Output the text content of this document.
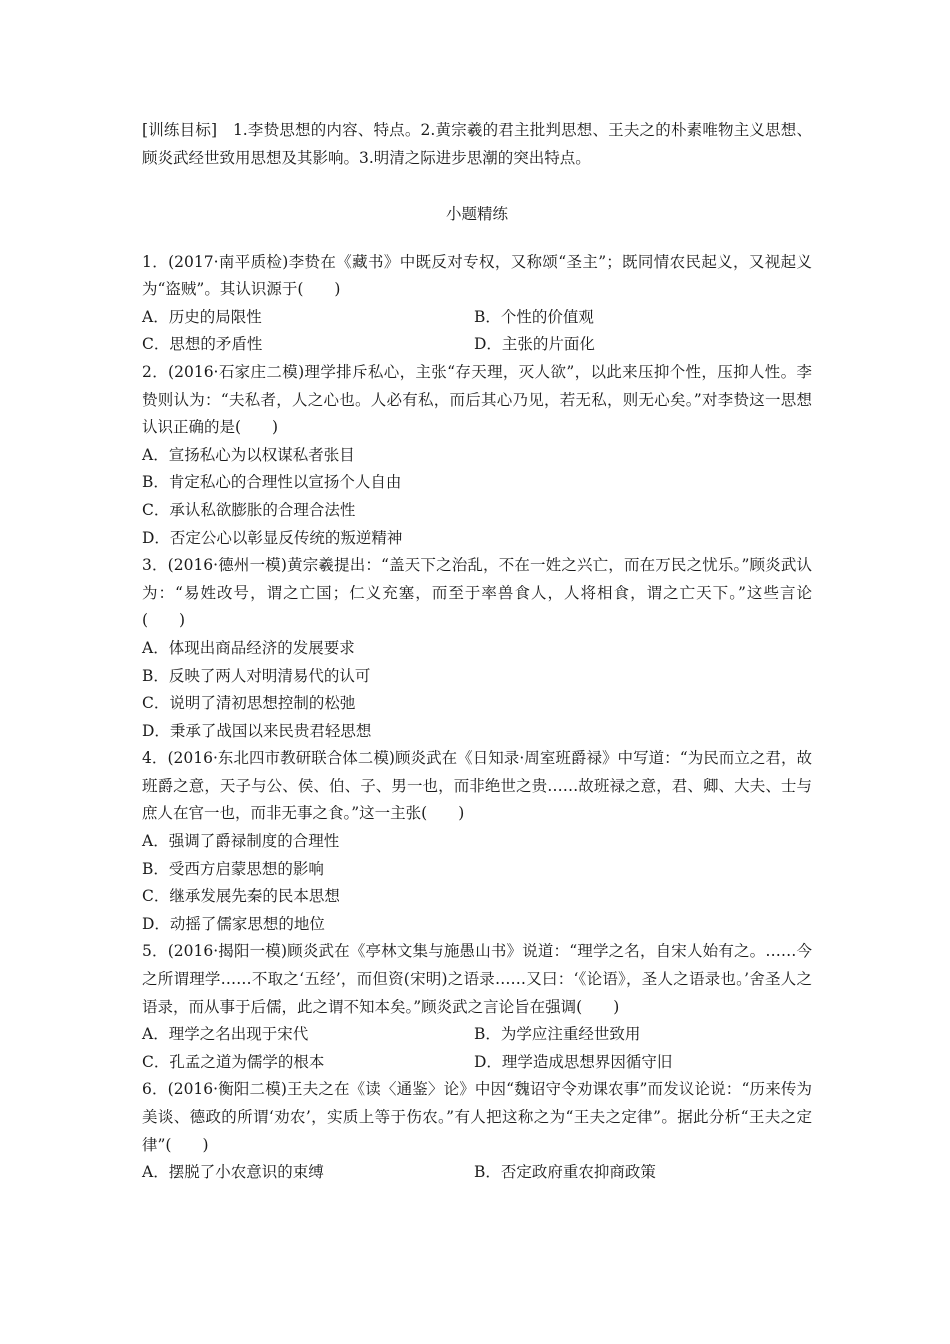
[训练目标]　1.李贽思想的内容、特点。2.黄宗羲的君主批判思想、王夫之的朴素唯物主义思想、顾炎武经世致用思想及其影响。3.明清之际进步思潮的突出特点。

小题精练

1．(2017·南平质检)李贽在《藏书》中既反对专权，又称颂“圣主”；既同情农民起义，又视起义为“盗贼”。其认识源于(　　)

A．历史的局限性	B．个性的价值观

C．思想的矛盾性	D．主张的片面化

2．(2016·石家庄二模)理学排斥私心，主张“存天理，灭人欲”，以此来压抑个性，压抑人性。李贽则认为：“夫私者，人之心也。人必有私，而后其心乃见，若无私，则无心矣。”对李贽这一思想认识正确的是(　　)

A．宣扬私心为以权谋私者张目

B．肯定私心的合理性以宣扬个人自由

C．承认私欲膨胀的合理合法性

D．否定公心以彰显反传统的叛逆精神

3．(2016·德州一模)黄宗羲提出：“盖天下之治乱，不在一姓之兴亡，而在万民之忧乐。”顾炎武认为：“易姓改号，谓之亡国；仁义充塞，而至于率兽食人，人将相食，谓之亡天下。”这些言论(　　)

A．体现出商品经济的发展要求

B．反映了两人对明清易代的认可

C．说明了清初思想控制的松弛

D．秉承了战国以来民贵君轻思想

4．(2016·东北四市教研联合体二模)顾炎武在《日知录·周室班爵禄》中写道：“为民而立之君，故班爵之意，天子与公、侯、伯、子、男一也，而非绝世之贵……故班禄之意，君、卿、大夫、士与庶人在官一也，而非无事之食。”这一主张(　　)

A．强调了爵禄制度的合理性

B．受西方启蒙思想的影响

C．继承发展先秦的民本思想

D．动摇了儒家思想的地位

5．(2016·揭阳一模)顾炎武在《亭林文集与施愚山书》说道：“理学之名，自宋人始有之。……今之所谓理学……不取之‘五经’，而但资(宋明)之语录……又曰：‘《论语》，圣人之语录也。’舍圣人之语录，而从事于后儒，此之谓不知本矣。”顾炎武之言论旨在强调(　　)

A．理学之名出现于宋代	B．为学应注重经世致用

C．孔孟之道为儒学的根本	D．理学造成思想界因循守旧

6．(2016·衡阳二模)王夫之在《读〈通鉴〉论》中因“魏诏守令劝课农事”而发议论说：“历来传为美谈、德政的所谓‘劝农’，实质上等于伤农。”有人把这称之为“王夫之定律”。据此分析“王夫之定律”(　　)

A．摆脱了小农意识的束缚	B．否定政府重农抑商政策
